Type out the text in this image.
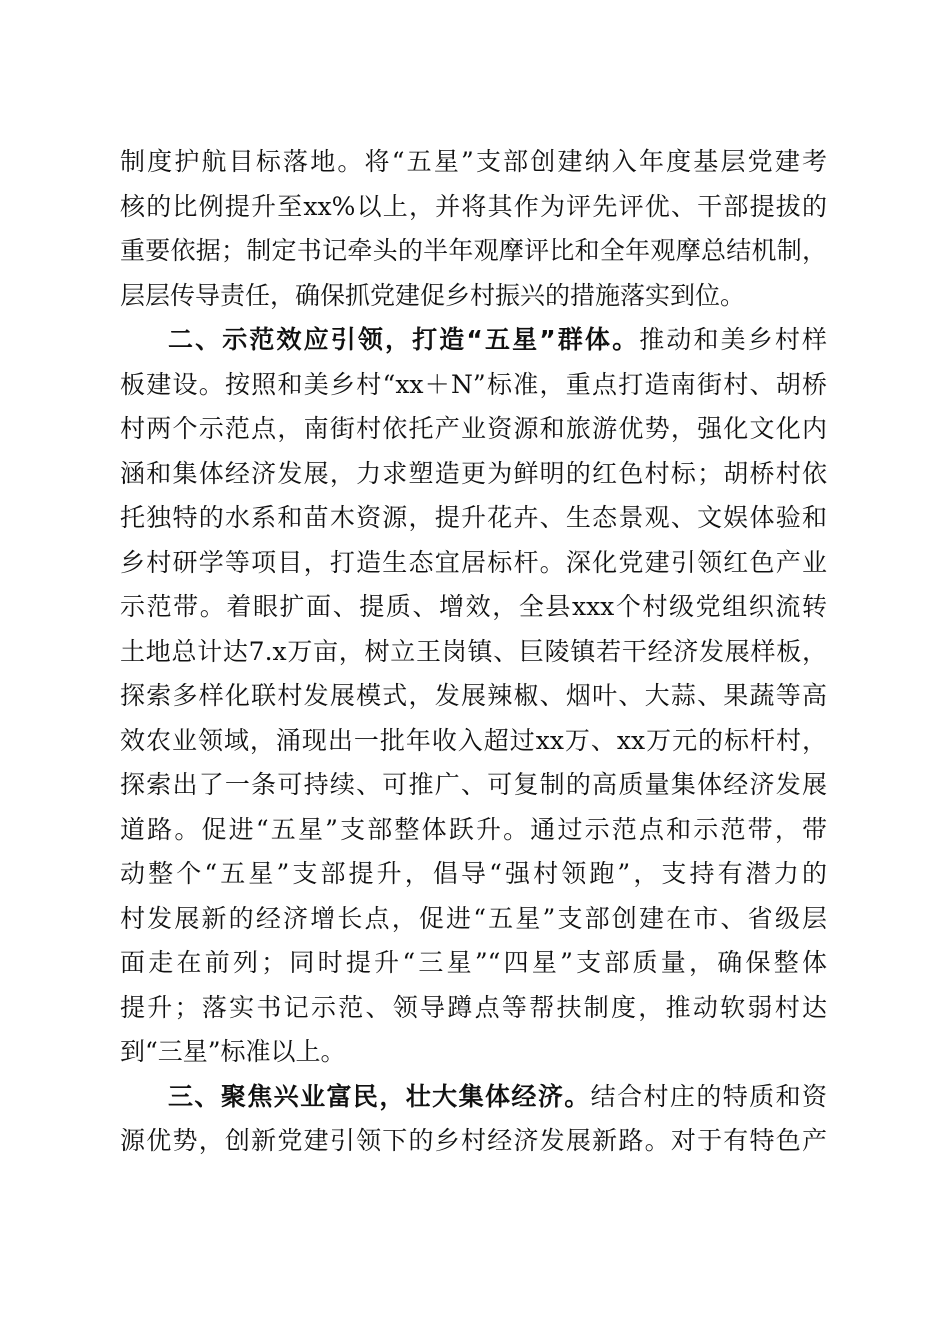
制度护航目标落地。将“五星”支部创建纳入年度基层党建考
核的比例提升至xx%以上，并将其作为评先评优、干部提拔的
重要依据；制定书记牵头的半年观摩评比和全年观摩总结机制，
层层传导责任，确保抓党建促乡村振兴的措施落实到位。
二、示范效应引领，打造“五星”群体。推动和美乡村样
板建设。按照和美乡村“xx＋N”标准，重点打造南街村、胡桥
村两个示范点，南街村依托产业资源和旅游优势，强化文化内
涵和集体经济发展，力求塑造更为鲜明的红色村标；胡桥村依
托独特的水系和苗木资源，提升花卉、生态景观、文娱体验和
乡村研学等项目，打造生态宜居标杆。深化党建引领红色产业
示范带。着眼扩面、提质、增效，全县xxx个村级党组织流转
土地总计达7.x万亩，树立王岗镇、巨陵镇若干经济发展样板，
探索多样化联村发展模式，发展辣椒、烟叶、大蒜、果蔬等高
效农业领域，涌现出一批年收入超过xx万、xx万元的标杆村，
探索出了一条可持续、可推广、可复制的高质量集体经济发展
道路。促进“五星”支部整体跃升。通过示范点和示范带，带
动整个“五星”支部提升，倡导“强村领跑”，支持有潜力的
村发展新的经济增长点，促进“五星”支部创建在市、省级层
面走在前列；同时提升“三星”“四星”支部质量，确保整体
提升；落实书记示范、领导蹲点等帮扶制度，推动软弱村达
到“三星”标准以上。
三、聚焦兴业富民，壮大集体经济。结合村庄的特质和资
源优势，创新党建引领下的乡村经济发展新路。对于有特色产
